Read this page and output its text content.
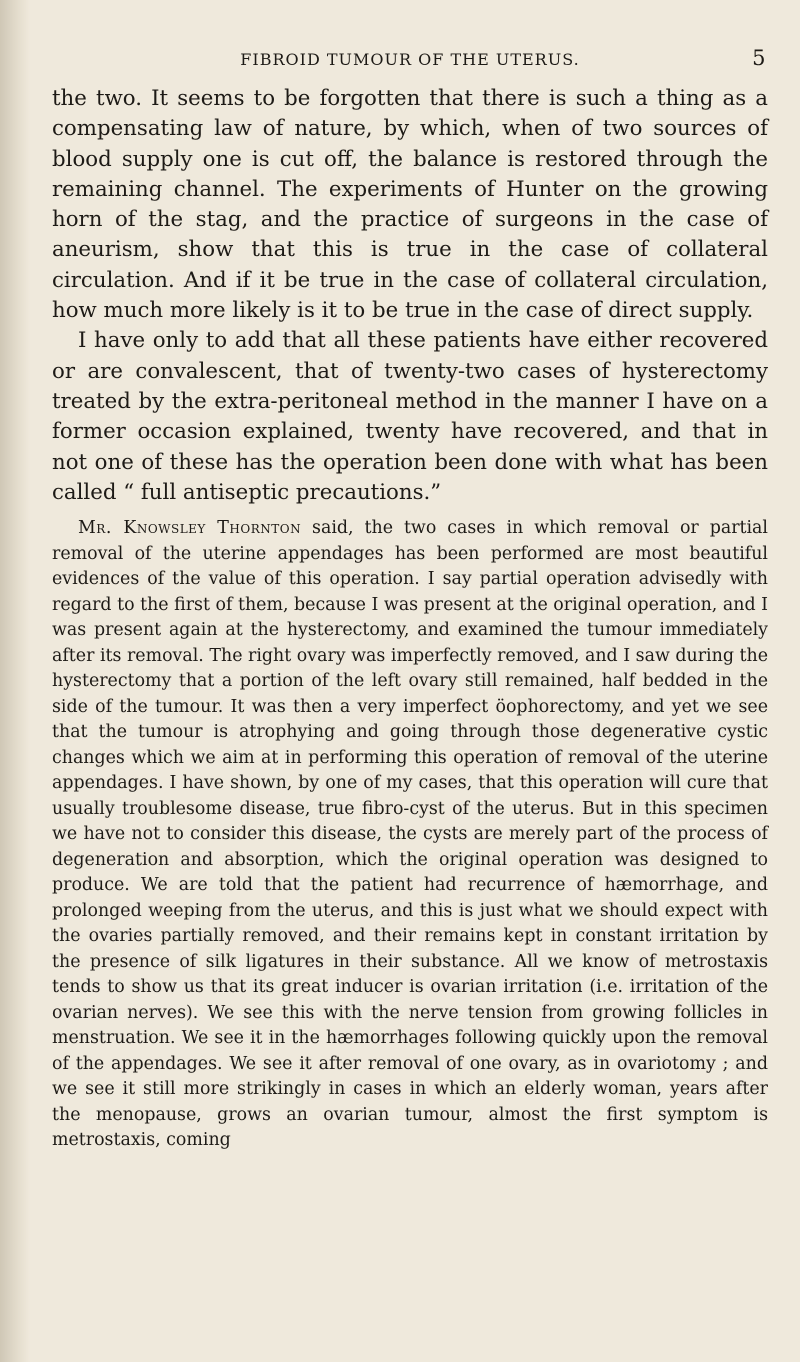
FIBROID TUMOUR OF THE UTERUS.	5

the two. It seems to be forgotten that there is such a thing as a compensating law of nature, by which, when of two sources of blood supply one is cut off, the balance is restored through the remaining channel. The experiments of Hunter on the growing horn of the stag, and the practice of surgeons in the case of aneurism, show that this is true in the case of collateral circulation. And if it be true in the case of collateral circulation, how much more likely is it to be true in the case of direct supply.

I have only to add that all these patients have either recovered or are convalescent, that of twenty-two cases of hysterectomy treated by the extra-peritoneal method in the manner I have on a former occasion explained, twenty have recovered, and that in not one of these has the operation been done with what has been called “ full antiseptic precautions.”

Mr. Knowsley Thornton said, the two cases in which removal or partial removal of the uterine appendages has been performed are most beautiful evidences of the value of this operation. I say partial operation advisedly with regard to the first of them, because I was present at the original operation, and I was present again at the hysterectomy, and examined the tumour immediately after its removal. The right ovary was imperfectly removed, and I saw during the hysterectomy that a portion of the left ovary still remained, half bedded in the side of the tumour. It was then a very imperfect öophorectomy, and yet we see that the tumour is atrophying and going through those degenerative cystic changes which we aim at in performing this operation of removal of the uterine appendages. I have shown, by one of my cases, that this operation will cure that usually troublesome disease, true fibro-cyst of the uterus. But in this specimen we have not to consider this disease, the cysts are merely part of the process of degeneration and absorption, which the original operation was designed to produce. We are told that the patient had recurrence of hæmorrhage, and prolonged weeping from the uterus, and this is just what we should expect with the ovaries partially removed, and their remains kept in constant irritation by the presence of silk ligatures in their substance. All we know of metrostaxis tends to show us that its great inducer is ovarian irritation (i.e. irritation of the ovarian nerves). We see this with the nerve tension from growing follicles in menstruation. We see it in the hæmorrhages following quickly upon the removal of the appendages. We see it after removal of one ovary, as in ovariotomy ; and we see it still more strikingly in cases in which an elderly woman, years after the menopause, grows an ovarian tumour, almost the first symptom is metrostaxis, coming
